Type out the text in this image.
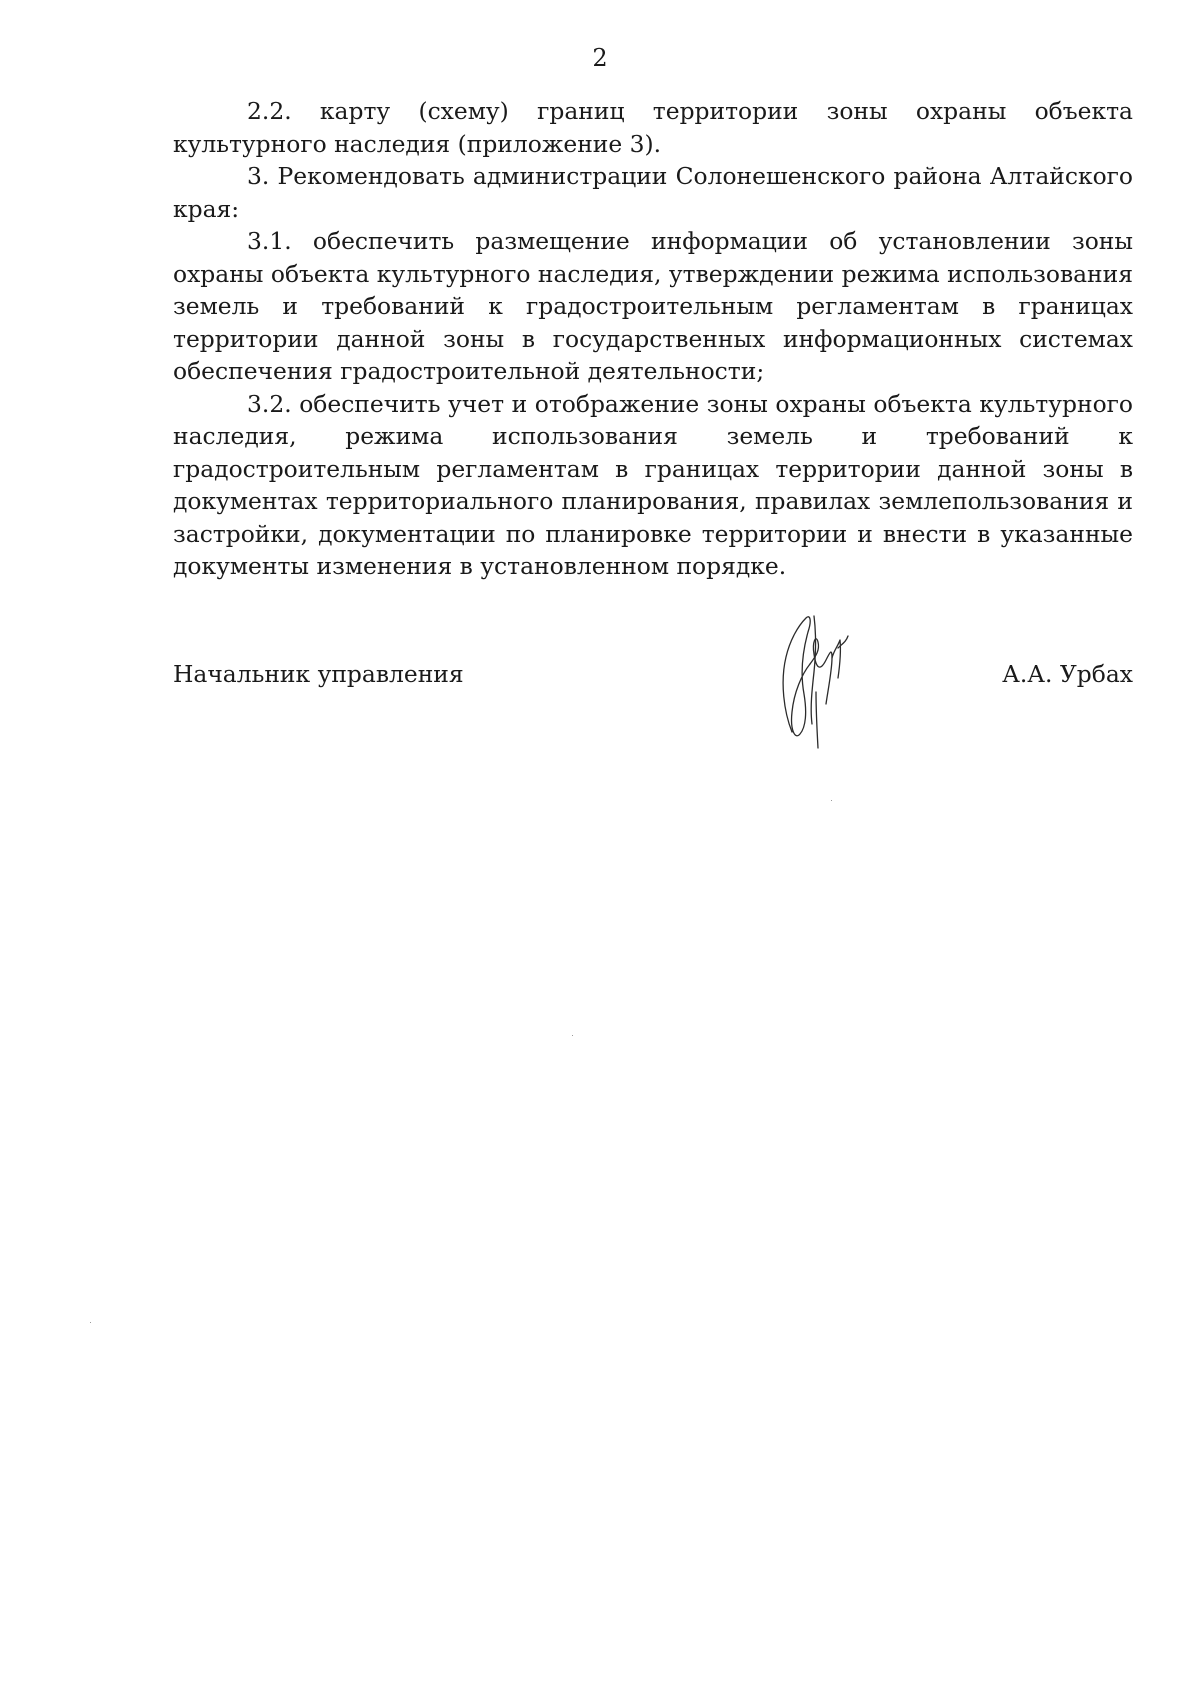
2

2.2. карту (схему) границ территории зоны охраны объекта культурного наследия (приложение 3).

3. Рекомендовать администрации Солонешенского района Алтайского края:

3.1. обеспечить размещение информации об установлении зоны охраны объекта культурного наследия, утверждении режима использования земель и требований к градостроительным регламентам в границах территории данной зоны в государственных информационных системах обеспечения градостроительной деятельности;

3.2. обеспечить учет и отображение зоны охраны объекта культурного наследия, режима использования земель и требований к градостроительным регламентам в границах территории данной зоны в документах территориального планирования, правилах землепользования и застройки, документации по планировке территории и внести в указанные документы изменения в установленном порядке.

Начальник управления	А.А. Урбах
